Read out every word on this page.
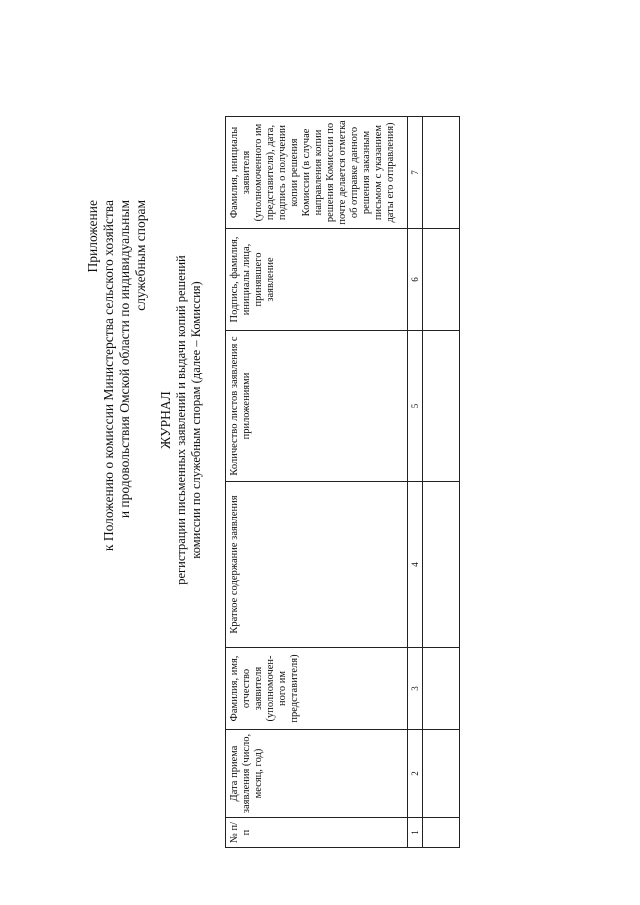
Приложение к Положению о комиссии Министерства сельского хозяйства и продовольствия Омской области по индивидуальным служебным спорам
ЖУРНАЛ регистрации письменных заявлений и выдачи копий решений комиссии по служебным спорам (далее – Комиссия)
№ п/п	Дата приема заявления (число, месяц, год)	Фамилия, имя, отчество заявителя (уполномочен-ного им представителя)	Краткое содержание заявления	Количество листов заявления с приложениями	Подпись, фамилия, инициалы лица, принявшего заявление	Фамилия, инициалы заявителя (уполномоченного им представителя), дата, подпись о получении копии решения Комиссии (в случае направления копии решения Комиссии по почте делается отметка об отправке данного решения заказным письмом с указанием даты его отправления)
1	2	3	4	5	6	7
